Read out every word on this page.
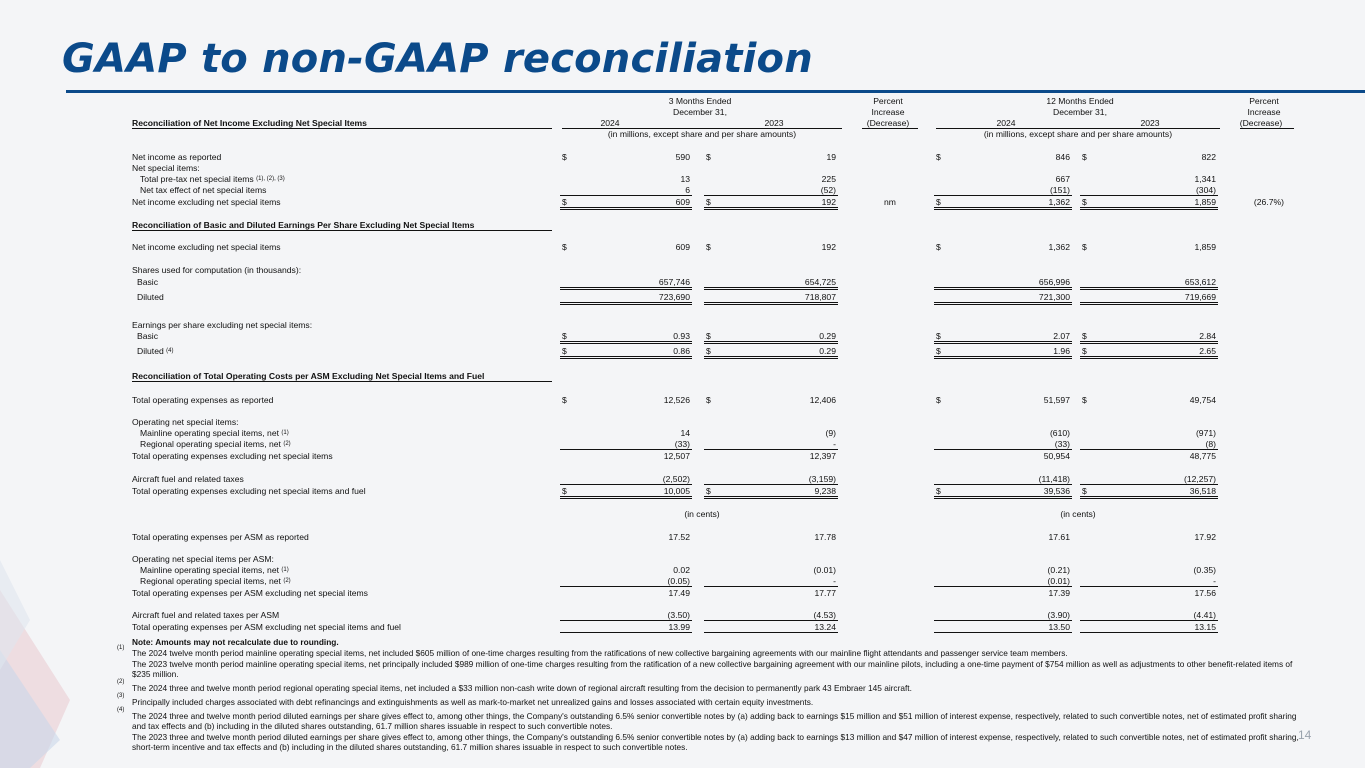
GAAP to non-GAAP reconciliation
3 Months Ended
December 31,
Percent
Increase
(Decrease)
12 Months Ended
December 31,
Percent
Increase
(Decrease)
Reconciliation of Net Income Excluding Net Special Items	2024	2023	2024	2023
(in millions, except share and per share amounts)	(in millions, except share and per share amounts)
Net income as reported	$	590 $	19	$	846 $	822
Net special items:
Total pre-tax net special items $^{(1), (2), (3)}$	13	225	667	1,341
Net tax effect of net special items	6	(52)	(151)	(304)
Net income excluding net special items	$	609 $	192	nm	$	1,362 $	1,859	(26.7%)
Reconciliation of Basic and Diluted Earnings Per Share Excluding Net Special Items
Net income excluding net special items	$	609 $	192	$	1,362 $	1,859
Shares used for computation (in thousands):
Basic	657,746	654,725	656,996	653,612
Diluted	723,690	718,807	721,300	719,669
Earnings per share excluding net special items:
Basic	$	0.93 $	0.29	$	2.07 $	2.84
Diluted $^{(4)}$	$	0.86 $	0.29	$	1.96 $	2.65
Reconciliation of Total Operating Costs per ASM Excluding Net Special Items and Fuel
Total operating expenses as reported	$	12,526 $	12,406	$	51,597 $	49,754
Operating net special items:
Mainline operating special items, net $^{(1)}$	14	(9)	(610)	(971)
Regional operating special items, net $^{(2)}$	(33)	-	(33)	(8)
Total operating expenses excluding net special items	12,507	12,397	50,954	48,775
Aircraft fuel and related taxes	(2,502)	(3,159)	(11,418)	(12,257)
Total operating expenses excluding net special items and fuel	$	10,005 $	9,238	$	39,536 $	36,518
(in cents)	(in cents)
Total operating expenses per ASM as reported	17.52	17.78	17.61	17.92
Operating net special items per ASM:
Mainline operating special items, net $^{(1)}$	0.02	(0.01)	(0.21)	(0.35)
Regional operating special items, net $^{(2)}$	(0.05)	-	(0.01)	-
Total operating expenses per ASM excluding net special items	17.49	17.77	17.39	17.56
Aircraft fuel and related taxes per ASM	(3.50)	(4.53)	(3.90)	(4.41)
Total operating expenses per ASM excluding net special items and fuel	13.99	13.24	13.50	13.15
Note: Amounts may not recalculate due to rounding.
(1) The 2024 twelve month period mainline operating special items, net included $605 million of one-time charges resulting from the ratifications of new collective bargaining agreements with our mainline flight attendants and passenger service team members.
The 2023 twelve month period mainline operating special items, net principally included $989 million of one-time charges resulting from the ratification of a new collective bargaining agreement with our mainline pilots, including a one-time payment of $754 million as well as adjustments to other benefit-related items of $235 million.
(2)
The 2024 three and twelve month period regional operating special items, net included a $33 million non-cash write down of regional aircraft resulting from the decision to permanently park 43 Embraer 145 aircraft.
(3)
Principally included charges associated with debt refinancings and extinguishments as well as mark-to-market net unrealized gains and losses associated with certain equity investments.
(4)
The 2024 three and twelve month period diluted earnings per share gives effect to, among other things, the Company's outstanding 6.5% senior convertible notes by (a) adding back to earnings $15 million and $51 million of interest expense, respectively, related to such convertible notes, net of estimated profit sharing and tax effects and (b) including in the diluted shares outstanding, 61.7 million shares issuable in respect to such convertible notes.
The 2023 three and twelve month period diluted earnings per share gives effect to, among other things, the Company's outstanding 6.5% senior convertible notes by (a) adding back to earnings $13 million and $47 million of interest expense, respectively, related to such convertible notes, net of estimated profit sharing, short-term incentive and tax effects and (b) including in the diluted shares outstanding, 61.7 million shares issuable in respect to such convertible notes.
14
